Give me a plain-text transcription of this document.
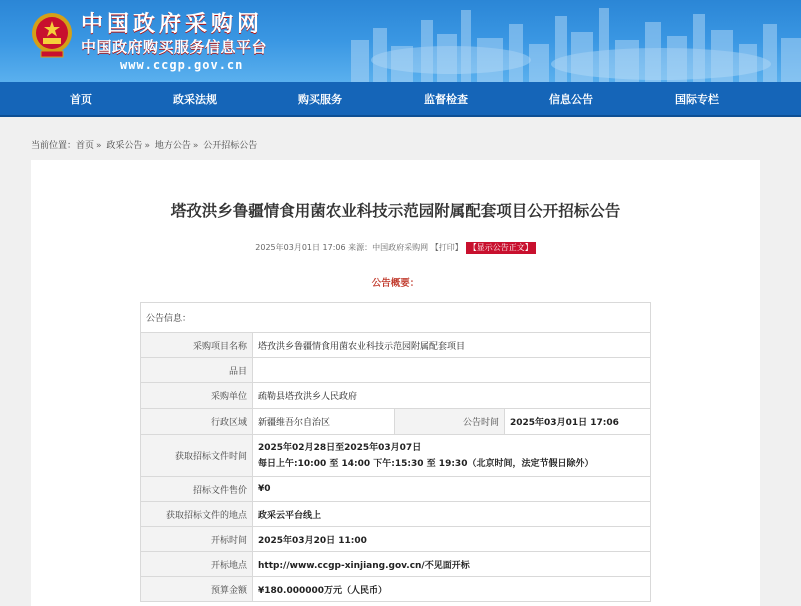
中国政府采购网
中国政府购买服务信息平台
www.ccgp.gov.cn
首页	政采法规	购买服务	监督检查	信息公告	国际专栏
当前位置：首页 » 政采公告 » 地方公告 » 公开招标公告
塔孜洪乡鲁疆情食用菌农业科技示范园附属配套项目公开招标公告
2025年03月01日 17:06 来源：中国政府采购网 【打印】 【显示公告正文】
公告概要：
公告信息：			
采购项目名称	塔孜洪乡鲁疆情食用菌农业科技示范园附属配套项目		
品目			
采购单位	疏勒县塔孜洪乡人民政府		
行政区域	新疆维吾尔自治区	公告时间	2025年03月01日 17:06
获取招标文件时间	2025年02月28日至2025年03月07日
每日上午:10:00 至 14:00 下午:15:30 至 19:30（北京时间，法定节假日除外）		

招标文件售价	¥0		
获取招标文件的地点	政采云平台线上		
开标时间	2025年03月20日 11:00		
开标地点	http://www.ccgp-xinjiang.gov.cn/不见面开标		
预算金额	¥180.000000万元（人民币）		
